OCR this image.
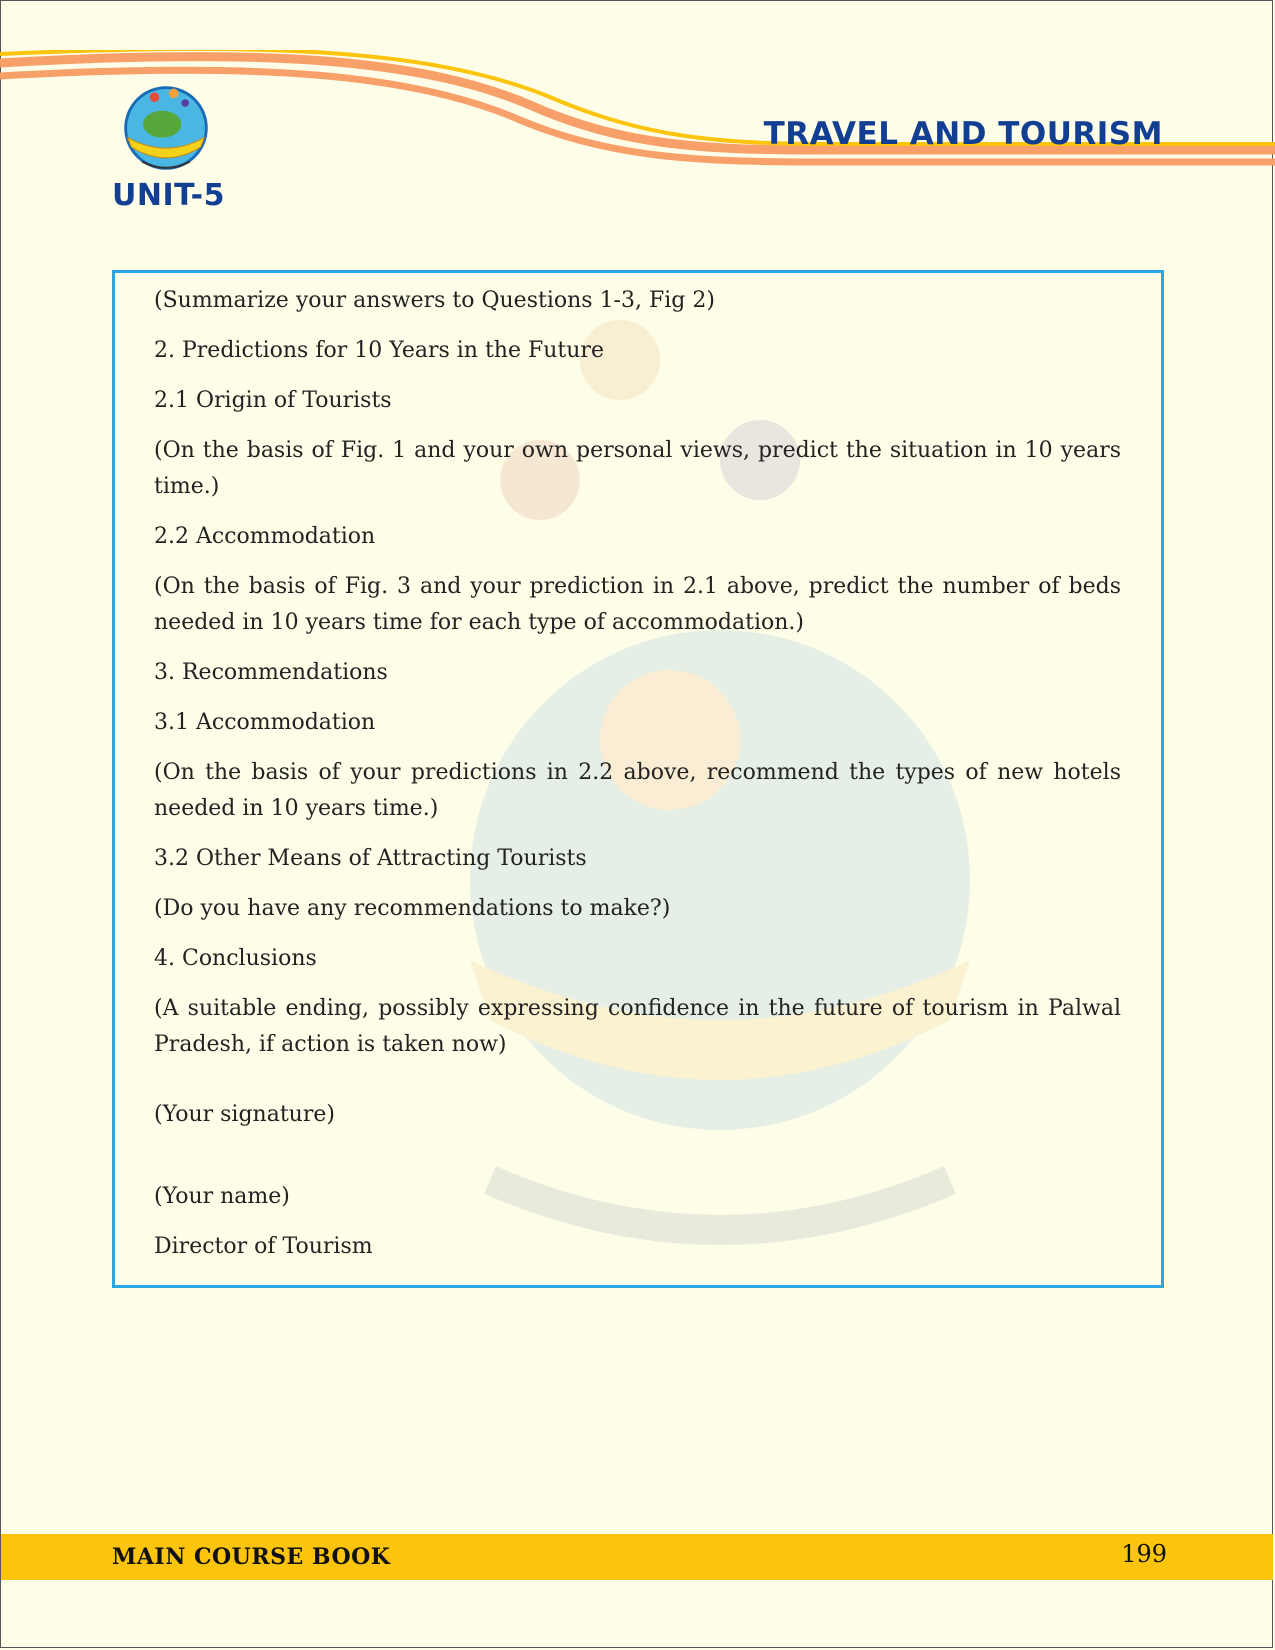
UNIT-5
TRAVEL AND TOURISM

(Summarize your answers to Questions 1-3, Fig 2)

2. Predictions for 10 Years in the Future

2.1 Origin of Tourists

(On the basis of Fig. 1 and your own personal views, predict the situation in 10 years time.)

2.2 Accommodation

(On the basis of Fig. 3 and your prediction in 2.1 above, predict the number of beds needed in 10 years time for each type of accommodation.)

3. Recommendations

3.1 Accommodation

(On the basis of your predictions in 2.2 above, recommend the types of new hotels needed in 10 years time.)

3.2 Other Means of Attracting Tourists

(Do you have any recommendations to make?)

4. Conclusions

(A suitable ending, possibly expressing confidence in the future of tourism in Palwal Pradesh, if action is taken now)

(Your signature)

(Your name)

Director of Tourism

MAIN COURSE BOOK	199
